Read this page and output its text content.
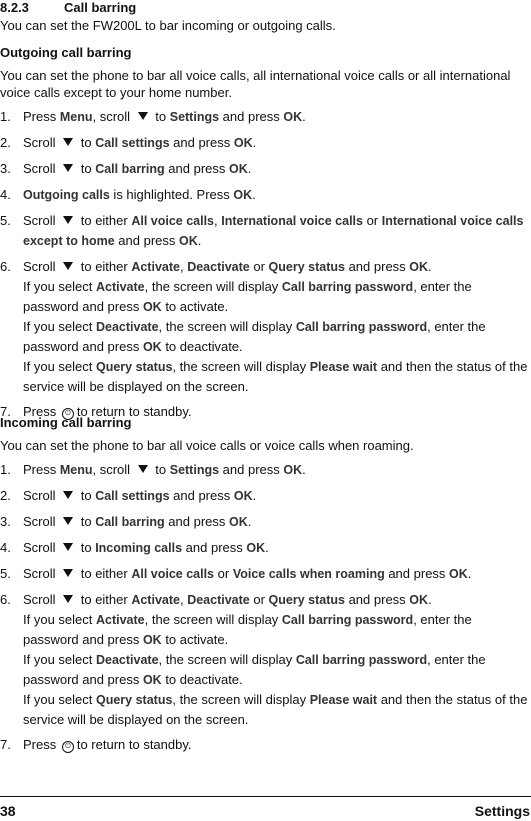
8.2.3	Call barring
You can set the FW200L to bar incoming or outgoing calls.
Outgoing call barring
You can set the phone to bar all voice calls, all international voice calls or all international voice calls except to your home number.
1. Press Menu, scroll  to Settings and press OK.
2. Scroll  to Call settings and press OK.
3. Scroll  to Call barring and press OK.
4. Outgoing calls is highlighted. Press OK.
5. Scroll  to either All voice calls, International voice calls or International voice calls except to home and press OK.
6. Scroll  to either Activate, Deactivate or Query status and press OK.
If you select Activate, the screen will display Call barring password, enter the password and press OK to activate.
If you select Deactivate, the screen will display Call barring password, enter the password and press OK to deactivate.
If you select Query status, the screen will display Please wait and then the status of the service will be displayed on the screen.
7. Press ⏻ to return to standby.
Incoming call barring
You can set the phone to bar all voice calls or voice calls when roaming.
1. Press Menu, scroll  to Settings and press OK.
2. Scroll  to Call settings and press OK.
3. Scroll  to Call barring and press OK.
4. Scroll  to Incoming calls and press OK.
5. Scroll  to either All voice calls or Voice calls when roaming and press OK.
6. Scroll  to either Activate, Deactivate or Query status and press OK.
If you select Activate, the screen will display Call barring password, enter the password and press OK to activate.
If you select Deactivate, the screen will display Call barring password, enter the password and press OK to deactivate.
If you select Query status, the screen will display Please wait and then the status of the service will be displayed on the screen.
7. Press ⏻ to return to standby.
38	Settings
